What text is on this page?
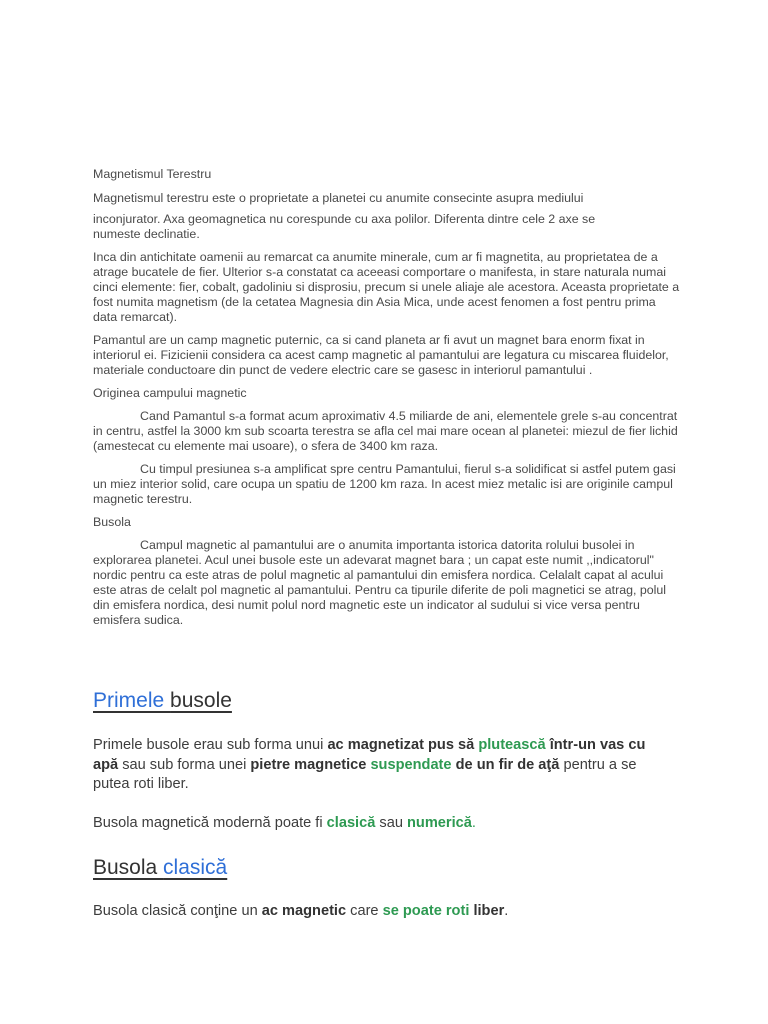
Magnetismul Terestru

Magnetismul terestru este o proprietate a planetei cu anumite consecinte asupra mediului

inconjurator. Axa geomagnetica nu corespunde cu axa polilor. Diferenta dintre cele 2 axe se

numeste declinatie.

Inca din antichitate oamenii au remarcat ca anumite minerale, cum ar fi magnetita, au proprietatea de a atrage bucatele de fier. Ulterior s-a constatat ca aceeasi comportare o manifesta, in stare naturala numai cinci elemente: fier, cobalt, gadoliniu si disprosiu, precum si unele aliaje ale acestora. Aceasta proprietate a fost numita magnetism (de la cetatea Magnesia din Asia Mica, unde acest fenomen a fost pentru prima data remarcat).

Pamantul are un camp magnetic puternic, ca si cand planeta ar fi avut un magnet bara enorm fixat in interiorul ei. Fizicienii considera ca acest camp magnetic al pamantului are legatura cu miscarea fluidelor, materiale conductoare din punct de vedere electric care se gasesc in interiorul pamantului .

Originea campului magnetic

Cand Pamantul s-a format acum aproximativ 4.5 miliarde de ani, elementele grele s-au concentrat in centru, astfel la 3000 km sub scoarta terestra se afla cel mai mare ocean al planetei: miezul de fier lichid (amestecat cu elemente mai usoare), o sfera de 3400 km raza.

Cu timpul presiunea s-a amplificat spre centru Pamantului, fierul s-a solidificat si astfel putem gasi un miez interior solid, care ocupa un spatiu de 1200 km raza. In acest miez metalic isi are originile campul magnetic terestru.

Busola

Campul magnetic al pamantului are o anumita importanta istorica datorita rolului busolei in explorarea planetei. Acul unei busole este un adevarat magnet bara ; un capat este numit ,,indicatorul" nordic pentru ca este atras de polul magnetic al pamantului din emisfera nordica. Celalalt capat al acului este atras de celalt pol magnetic al pamantului. Pentru ca tipurile diferite de poli magnetici se atrag, polul din emisfera nordica, desi numit polul nord magnetic este un indicator al sudului si vice versa pentru emisfera sudica.

Primele busole

Primele busole erau sub forma unui ac magnetizat pus să plutească într-un vas cu
apă sau sub forma unei pietre magnetice suspendate de un fir de aţă pentru a se
putea roti liber.

Busola magnetică modernă poate fi clasică sau numerică.

Busola clasică

Busola clasică conţine un ac magnetic care se poate roti liber.
